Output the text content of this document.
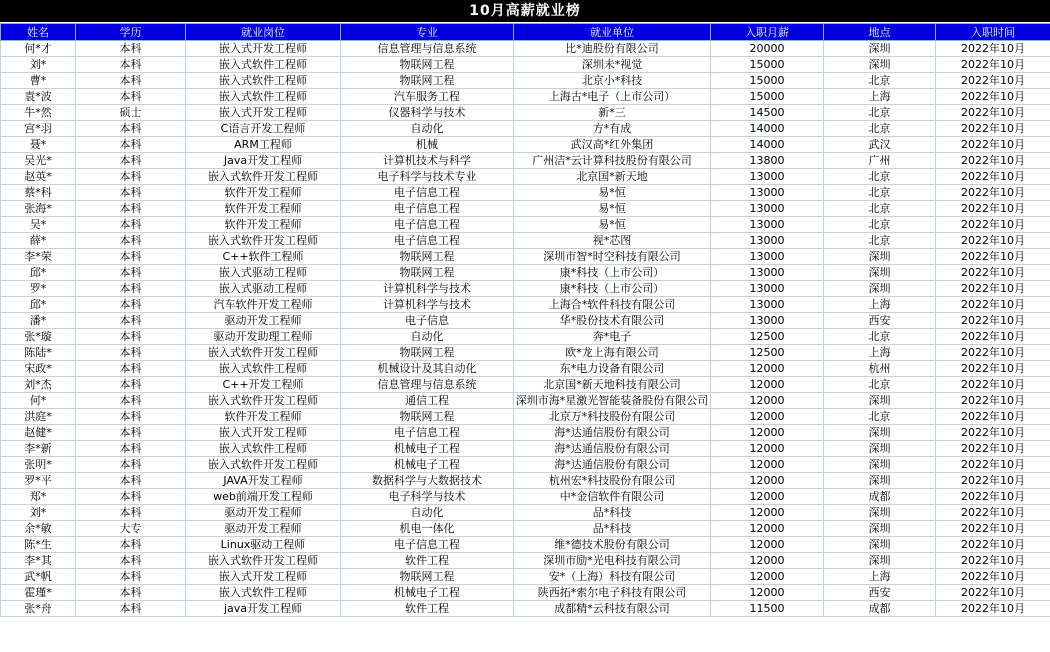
10月高薪就业榜
姓名	学历	就业岗位	专业	就业单位	入职月薪	地点	入职时间
何*才	本科	嵌入式开发工程师	信息管理与信息系统	比*迪股份有限公司	20000	深圳	2022年10月
刘*	本科	嵌入式软件工程师	物联网工程	深圳未*视觉	15000	深圳	2022年10月
曹*	本科	嵌入式软件工程师	物联网工程	北京小*科技	15000	北京	2022年10月
袁*波	本科	嵌入式软件工程师	汽车服务工程	上海古*电子（上市公司）	15000	上海	2022年10月
牛*然	硕士	嵌入式开发工程师	仪器科学与技术	新*三	14500	北京	2022年10月
宫*羽	本科	C语言开发工程师	自动化	方*有成	14000	北京	2022年10月
聂*	本科	ARM工程师	机械	武汉高*红外集团	14000	武汉	2022年10月
吴光*	本科	Java开发工程师	计算机技术与科学	广州洁*云计算科技股份有限公司	13800	广州	2022年10月
赵英*	本科	嵌入式软件开发工程师	电子科学与技术专业	北京国*新天地	13000	北京	2022年10月
蔡*科	本科	软件开发工程师	电子信息工程	易*恒	13000	北京	2022年10月
张海*	本科	软件开发工程师	电子信息工程	易*恒	13000	北京	2022年10月
吴*	本科	软件开发工程师	电子信息工程	易*恒	13000	北京	2022年10月
薛*	本科	嵌入式软件开发工程师	电子信息工程	视*芯图	13000	北京	2022年10月
李*荣	本科	C++软件工程师	物联网工程	深圳市智*时空科技有限公司	13000	深圳	2022年10月
邱*	本科	嵌入式驱动工程师	物联网工程	康*科技（上市公司）	13000	深圳	2022年10月
罗*	本科	嵌入式驱动工程师	计算机科学与技术	康*科技（上市公司）	13000	深圳	2022年10月
邱*	本科	汽车软件开发工程师	计算机科学与技术	上海合*软件科技有限公司	13000	上海	2022年10月
潘*	本科	驱动开发工程师	电子信息	华*股份技术有限公司	13000	西安	2022年10月
张*璇	本科	驱动开发助理工程师	自动化	奔*电子	12500	北京	2022年10月
陈陆*	本科	嵌入式软件开发工程师	物联网工程	欧*龙上海有限公司	12500	上海	2022年10月
宋政*	本科	嵌入式软件工程师	机械设计及其自动化	东*电力设备有限公司	12000	杭州	2022年10月
刘*杰	本科	C++开发工程师	信息管理与信息系统	北京国*新天地科技有限公司	12000	北京	2022年10月
何*	本科	嵌入式软件开发工程师	通信工程	深圳市海*星激光智能装备股份有限公司	12000	深圳	2022年10月
洪庭*	本科	软件开发工程师	物联网工程	北京万*科技股份有限公司	12000	北京	2022年10月
赵健*	本科	嵌入式开发工程师	电子信息工程	海*达通信股份有限公司	12000	深圳	2022年10月
李*新	本科	嵌入式软件工程师	机械电子工程	海*达通信股份有限公司	12000	深圳	2022年10月
张明*	本科	嵌入式软件开发工程师	机械电子工程	海*达通信股份有限公司	12000	深圳	2022年10月
罗*平	本科	JAVA开发工程师	数据科学与大数据技术	杭州宏*科技股份有限公司	12000	深圳	2022年10月
郑*	本科	web前端开发工程师	电子科学与技术	中*金信软件有限公司	12000	成都	2022年10月
刘*	本科	驱动开发工程师	自动化	品*科技	12000	深圳	2022年10月
余*敏	大专	驱动开发工程师	机电一体化	品*科技	12000	深圳	2022年10月
陈*生	本科	Linux驱动工程师	电子信息工程	维*德技术股份有限公司	12000	深圳	2022年10月
李*其	本科	嵌入式软件开发工程师	软件工程	深圳市励*光电科技有限公司	12000	深圳	2022年10月
武*帆	本科	嵌入式开发工程师	物联网工程	安*（上海）科技有限公司	12000	上海	2022年10月
霍瑾*	本科	嵌入式软件工程师	机械电子工程	陕西拓*索尔电子科技有限公司	12000	西安	2022年10月
张*舟	本科	java开发工程师	软件工程	成都精*云科技有限公司	11500	成都	2022年10月
